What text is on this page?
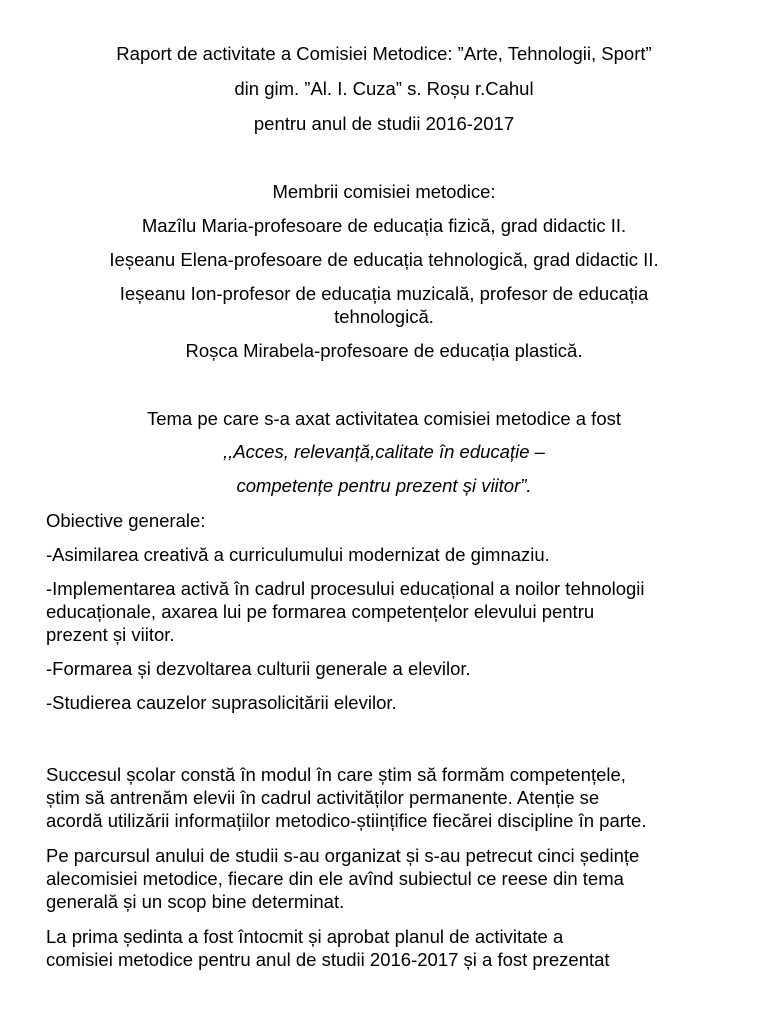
Raport de activitate a Comisiei Metodice: ”Arte, Tehnologii, Sport”
din gim. ”Al. I. Cuza” s. Roșu r.Cahul
pentru anul de studii 2016-2017
Membrii comisiei metodice:
Mazîlu Maria-profesoare de educația fizică, grad didactic II.
Ieșeanu Elena-profesoare de educația tehnologică, grad didactic II.
Ieșeanu Ion-profesor de educația muzicală, profesor de educația
tehnologică.
Roșca Mirabela-profesoare de educația plastică.
Tema pe care s-a axat activitatea comisiei metodice a fost
,,Acces, relevanță,calitate în educație –
competențe pentru prezent și viitor”.
Obiective generale:
-Asimilarea creativă a curriculumului modernizat de gimnaziu.
-Implementarea activă în cadrul procesului educațional a noilor tehnologii
educaționale, axarea lui pe formarea competențelor elevului pentru
prezent și viitor.
-Formarea și dezvoltarea culturii generale a elevilor.
-Studierea cauzelor suprasolicitării elevilor.
Succesul școlar constă în modul în care știm să formăm competențele,
știm să antrenăm elevii în cadrul activităților permanente. Atenție se
acordă utilizării informațiilor metodico-științifice fiecărei discipline în parte.
Pe parcursul anului de studii s-au organizat și s-au petrecut cinci ședințe
alecomisiei metodice, fiecare din ele avînd subiectul ce reese din tema
generală și un scop bine determinat.
La prima ședinta a fost întocmit și aprobat planul de activitate a
comisiei metodice pentru anul de studii 2016-2017 și a fost prezentat
